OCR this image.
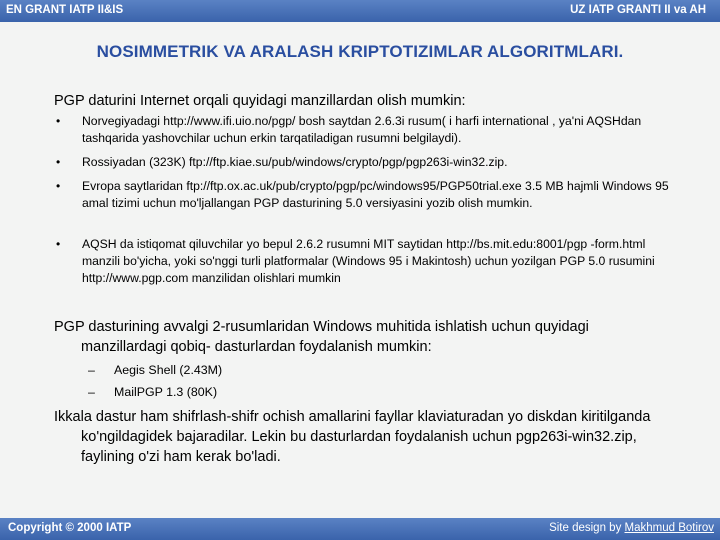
EN GRANT IATP II&IS	UZ IATP GRANTI II va AH
NOSIMMETRIK VA ARALASH KRIPTOTIZIMLAR ALGORITMLARI.
PGP daturini Internet orqali quyidagi manzillardan olish mumkin:
• Norvegiyadagi http://www.ifi.uio.no/pgp/ bosh saytdan 2.6.3i rusum( i harfi international , ya'ni AQSHdan tashqarida yashovchilar uchun erkin tarqatiladigan rusumni belgilaydi).
• Rossiyadan (323K) ftp://ftp.kiae.su/pub/windows/crypto/pgp/pgp263i-win32.zip.
• Evropa saytlaridan ftp://ftp.ox.ac.uk/pub/crypto/pgp/pc/windows95/PGP50trial.exe 3.5 MB hajmli Windows 95 amal tizimi uchun mo'ljallangan PGP dasturining 5.0 versiyasini yozib olish mumkin.
• AQSH da istiqomat qiluvchilar yo bepul 2.6.2 rusumni MIT saytidan http://bs.mit.edu:8001/pgp -form.html manzili bo'yicha, yoki so'nggi turli platformalar (Windows 95 i Makintosh) uchun yozilgan PGP 5.0 rusumini http://www.pgp.com manzilidan olishlari mumkin
PGP dasturining avvalgi 2-rusumlaridan Windows muhitida ishlatish uchun quyidagi manzillardagi qobiq- dasturlardan foydalanish mumkin:
– Aegis Shell (2.43M)
– MailPGP 1.3 (80K)
Ikkala dastur ham shifrlash-shifr ochish amallarini fayllar klaviaturadan yo diskdan kiritilganda ko'ngildagidek bajaradilar. Lekin bu dasturlardan foydalanish uchun pgp263i-win32.zip, faylining o'zi ham kerak bo'ladi.
Copyright © 2000 IATP	Site design by Makhmud Botirov
